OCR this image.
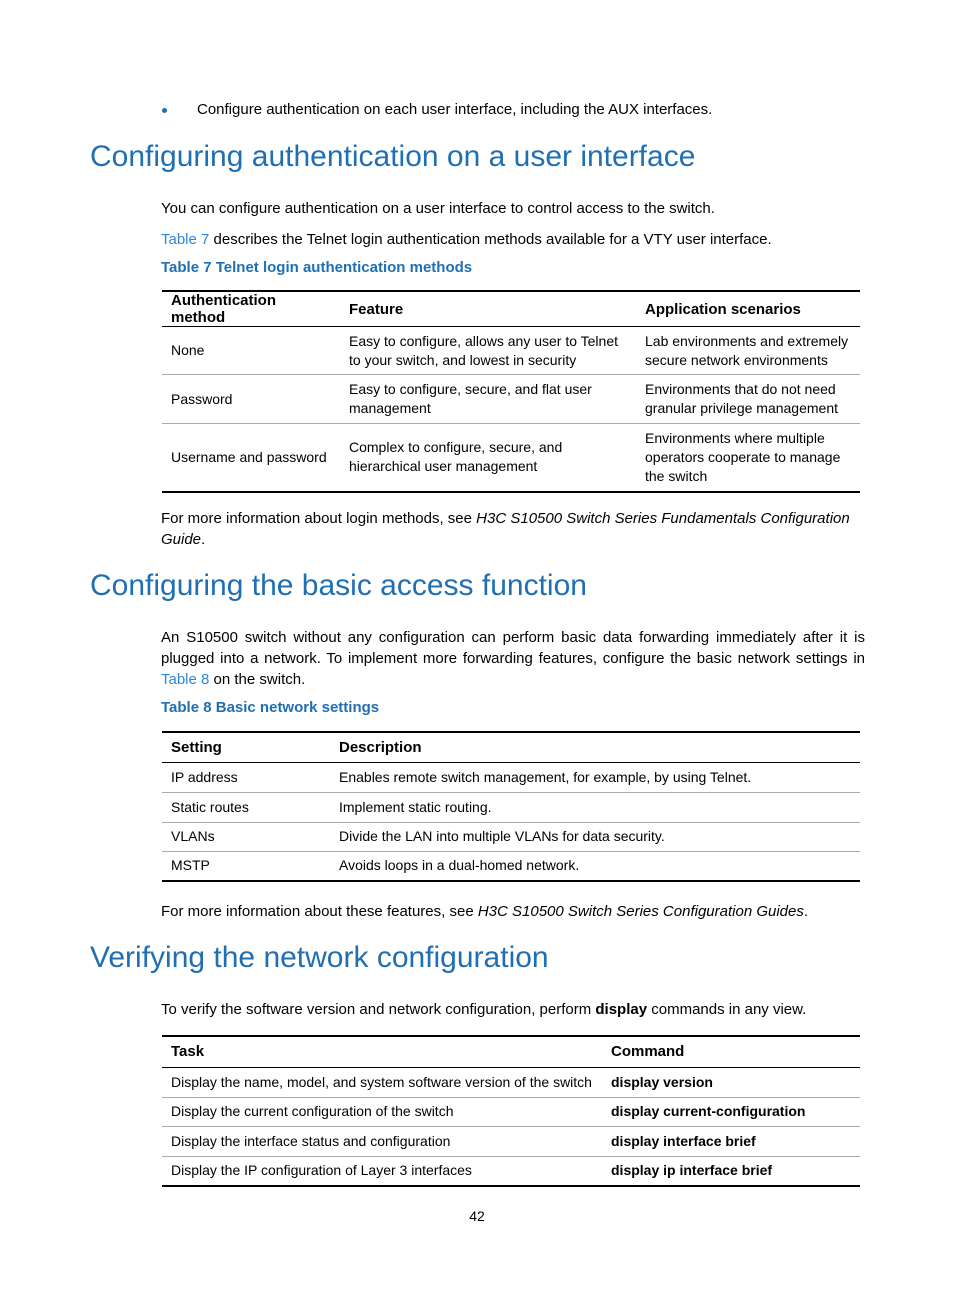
Configure authentication on each user interface, including the AUX interfaces.
Configuring authentication on a user interface
You can configure authentication on a user interface to control access to the switch.
Table 7 describes the Telnet login authentication methods available for a VTY user interface.
Table 7 Telnet login authentication methods
Authentication method	Feature	Application scenarios
None	Easy to configure, allows any user to Telnet to your switch, and lowest in security	Lab environments and extremely secure network environments
Password	Easy to configure, secure, and flat user management	Environments that do not need granular privilege management
Username and password	Complex to configure, secure, and hierarchical user management	Environments where multiple operators cooperate to manage the switch
For more information about login methods, see H3C S10500 Switch Series Fundamentals Configuration Guide.
Configuring the basic access function
An S10500 switch without any configuration can perform basic data forwarding immediately after it is plugged into a network. To implement more forwarding features, configure the basic network settings in Table 8 on the switch.
Table 8 Basic network settings
Setting	Description
IP address	Enables remote switch management, for example, by using Telnet.
Static routes	Implement static routing.
VLANs	Divide the LAN into multiple VLANs for data security.
MSTP	Avoids loops in a dual-homed network.
For more information about these features, see H3C S10500 Switch Series Configuration Guides.
Verifying the network configuration
To verify the software version and network configuration, perform display commands in any view.
Task	Command
Display the name, model, and system software version of the switch	display version
Display the current configuration of the switch	display current-configuration
Display the interface status and configuration	display interface brief
Display the IP configuration of Layer 3 interfaces	display ip interface brief
42
